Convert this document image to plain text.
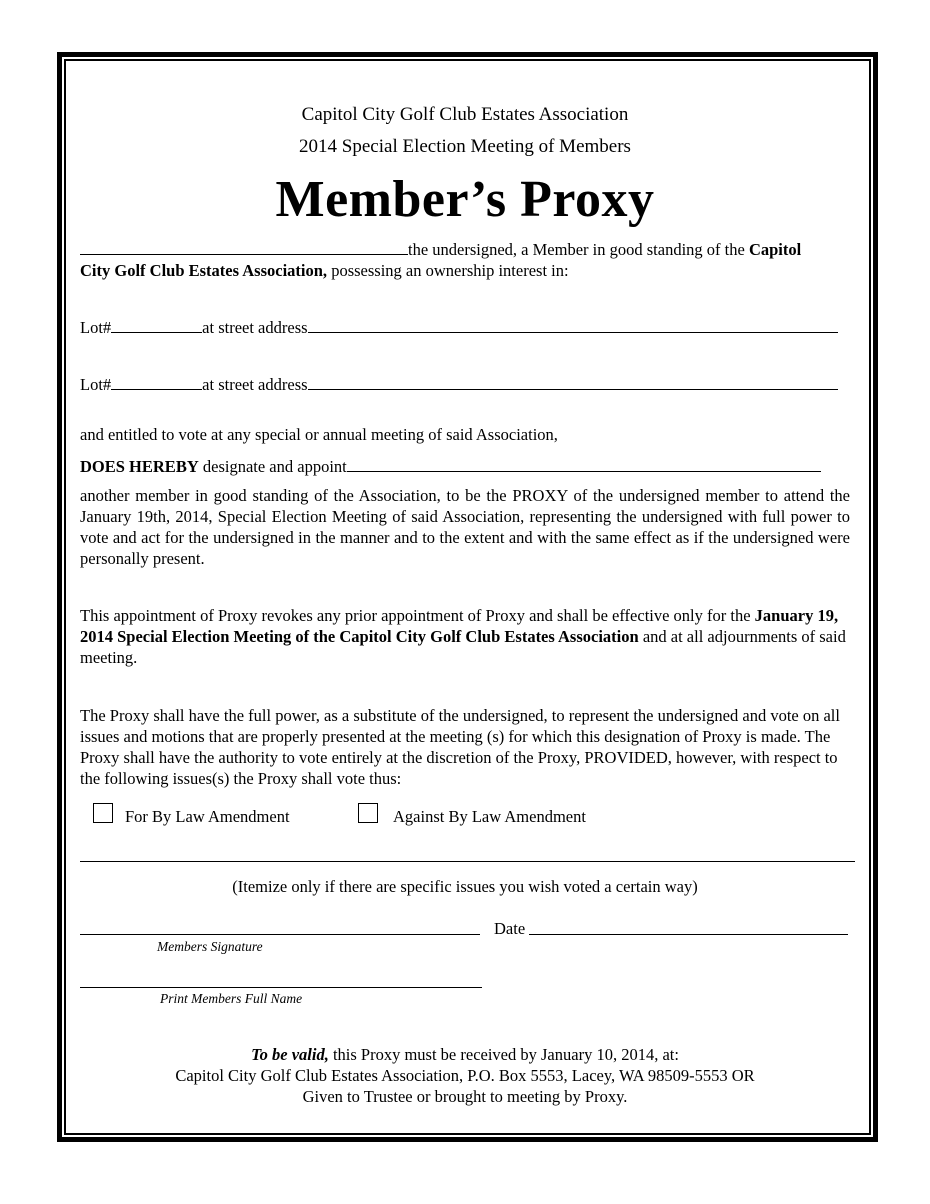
Capitol City Golf Club Estates Association
2014 Special Election Meeting of Members
Member’s Proxy
the undersigned, a Member in good standing of the Capitol
City Golf Club Estates Association, possessing an ownership interest in:
Lot#	at street address
Lot#	at street address
and entitled to vote at any special or annual meeting of said Association,
DOES HEREBY designate and appoint
another member in good standing of the Association, to be the PROXY of the undersigned member to attend the January 19th, 2014, Special Election Meeting of said Association, representing the undersigned with full power to vote and act for the undersigned in the manner and to the extent and with the same effect as if the undersigned were personally present.
This appointment of Proxy revokes any prior appointment of Proxy and shall be effective only for the January 19, 2014 Special Election Meeting of the Capitol City Golf Club Estates Association and at all adjournments of said meeting.
The Proxy shall have the full power, as a substitute of the undersigned, to represent the undersigned and vote on all issues and motions that are properly presented at the meeting (s) for which this designation of Proxy is made. The Proxy shall have the authority to vote entirely at the discretion of the Proxy, PROVIDED, however, with respect to the following issues(s) the Proxy shall vote thus:
For By Law Amendment	Against By Law Amendment
(Itemize only if there are specific issues you wish voted a certain way)
Date
Members Signature
Print Members Full Name
To be valid, this Proxy must be received by January 10, 2014, at:
Capitol City Golf Club Estates Association, P.O. Box 5553, Lacey, WA 98509-5553 OR
Given to Trustee or brought to meeting by Proxy.
